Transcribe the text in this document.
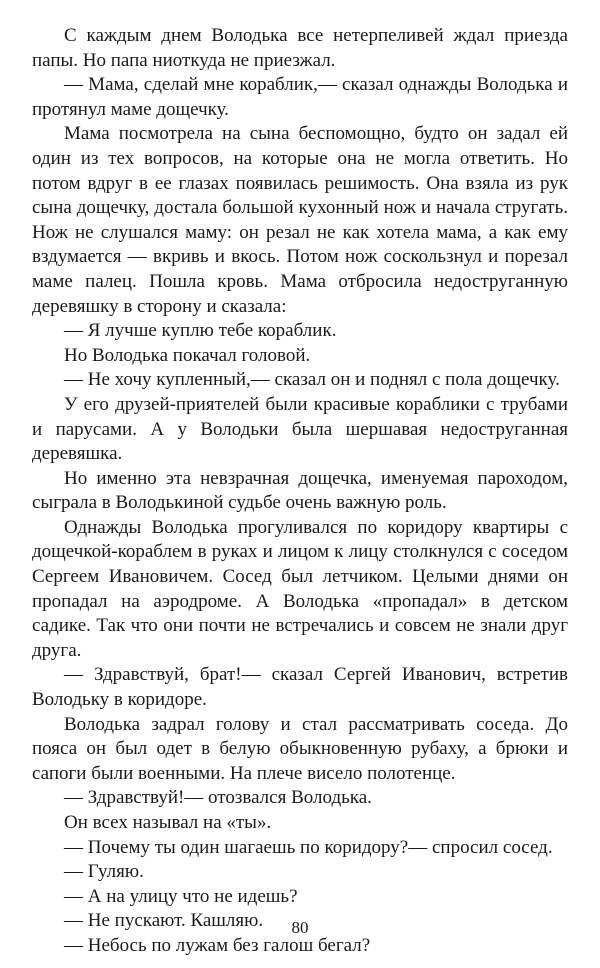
С каждым днем Володька все нетерпеливей ждал приезда папы. Но папа ниоткуда не приезжал.

— Мама, сделай мне кораблик,— сказал однажды Володька и протянул маме дощечку.

Мама посмотрела на сына беспомощно, будто он задал ей один из тех вопросов, на которые она не могла ответить. Но потом вдруг в ее глазах появилась решимость. Она взяла из рук сына дощечку, достала большой кухонный нож и начала стругать. Нож не слушался маму: он резал не как хотела мама, а как ему вздумается — вкривь и вкось. Потом нож соскользнул и порезал маме палец. Пошла кровь. Мама отбросила недоструганную деревяшку в сторону и сказала:

— Я лучше куплю тебе кораблик.

Но Володька покачал головой.

— Не хочу купленный,— сказал он и поднял с пола дощечку.

У его друзей-приятелей были красивые кораблики с трубами и парусами. А у Володьки была шершавая недоструганная деревяшка.

Но именно эта невзрачная дощечка, именуемая пароходом, сыграла в Володькиной судьбе очень важную роль.

Однажды Володька прогуливался по коридору квартиры с дощечкой-кораблем в руках и лицом к лицу столкнулся с соседом Сергеем Ивановичем. Сосед был летчиком. Целыми днями он пропадал на аэродроме. А Володька «пропадал» в детском садике. Так что они почти не встречались и совсем не знали друг друга.

— Здравствуй, брат!— сказал Сергей Иванович, встретив Володьку в коридоре.

Володька задрал голову и стал рассматривать соседа. До пояса он был одет в белую обыкновенную рубаху, а брюки и сапоги были военными. На плече висело полотенце.

— Здравствуй!— отозвался Володька.

Он всех называл на «ты».

— Почему ты один шагаешь по коридору?— спросил сосед.

— Гуляю.

— А на улицу что не идешь?

— Не пускают. Кашляю.

— Небось по лужам без галош бегал?

80
